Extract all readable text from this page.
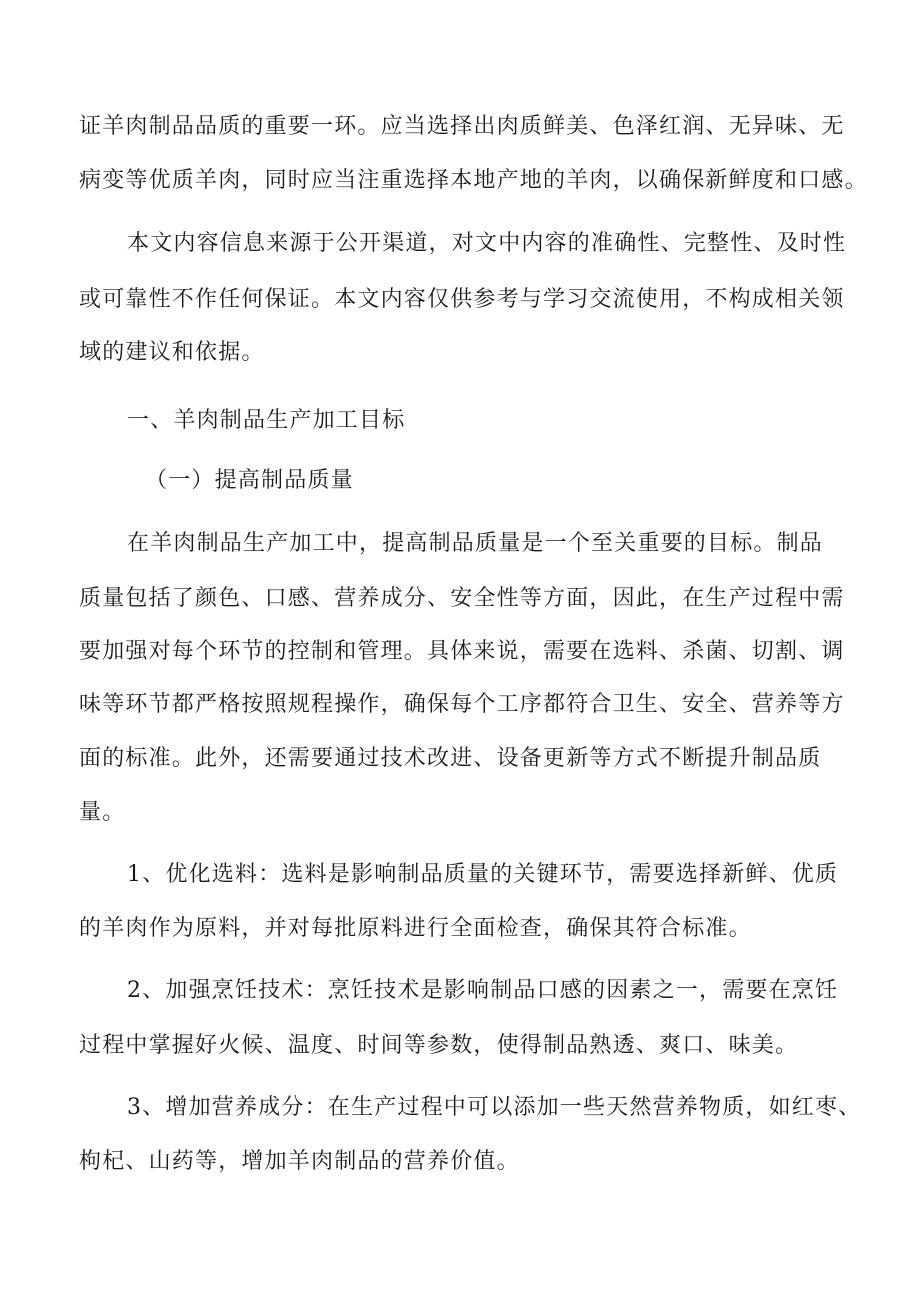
证羊肉制品品质的重要一环。应当选择出肉质鲜美、色泽红润、无异味、无
病变等优质羊肉，同时应当注重选择本地产地的羊肉，以确保新鲜度和口感。
本文内容信息来源于公开渠道，对文中内容的准确性、完整性、及时性
或可靠性不作任何保证。本文内容仅供参考与学习交流使用，不构成相关领
域的建议和依据。
一、羊肉制品生产加工目标
（一）提高制品质量
在羊肉制品生产加工中，提高制品质量是一个至关重要的目标。制品
质量包括了颜色、口感、营养成分、安全性等方面，因此，在生产过程中需
要加强对每个环节的控制和管理。具体来说，需要在选料、杀菌、切割、调
味等环节都严格按照规程操作，确保每个工序都符合卫生、安全、营养等方
面的标准。此外，还需要通过技术改进、设备更新等方式不断提升制品质
量。
1、优化选料：选料是影响制品质量的关键环节，需要选择新鲜、优质
的羊肉作为原料，并对每批原料进行全面检查，确保其符合标准。
2、加强烹饪技术：烹饪技术是影响制品口感的因素之一，需要在烹饪
过程中掌握好火候、温度、时间等参数，使得制品熟透、爽口、味美。
3、增加营养成分：在生产过程中可以添加一些天然营养物质，如红枣、
枸杞、山药等，增加羊肉制品的营养价值。
